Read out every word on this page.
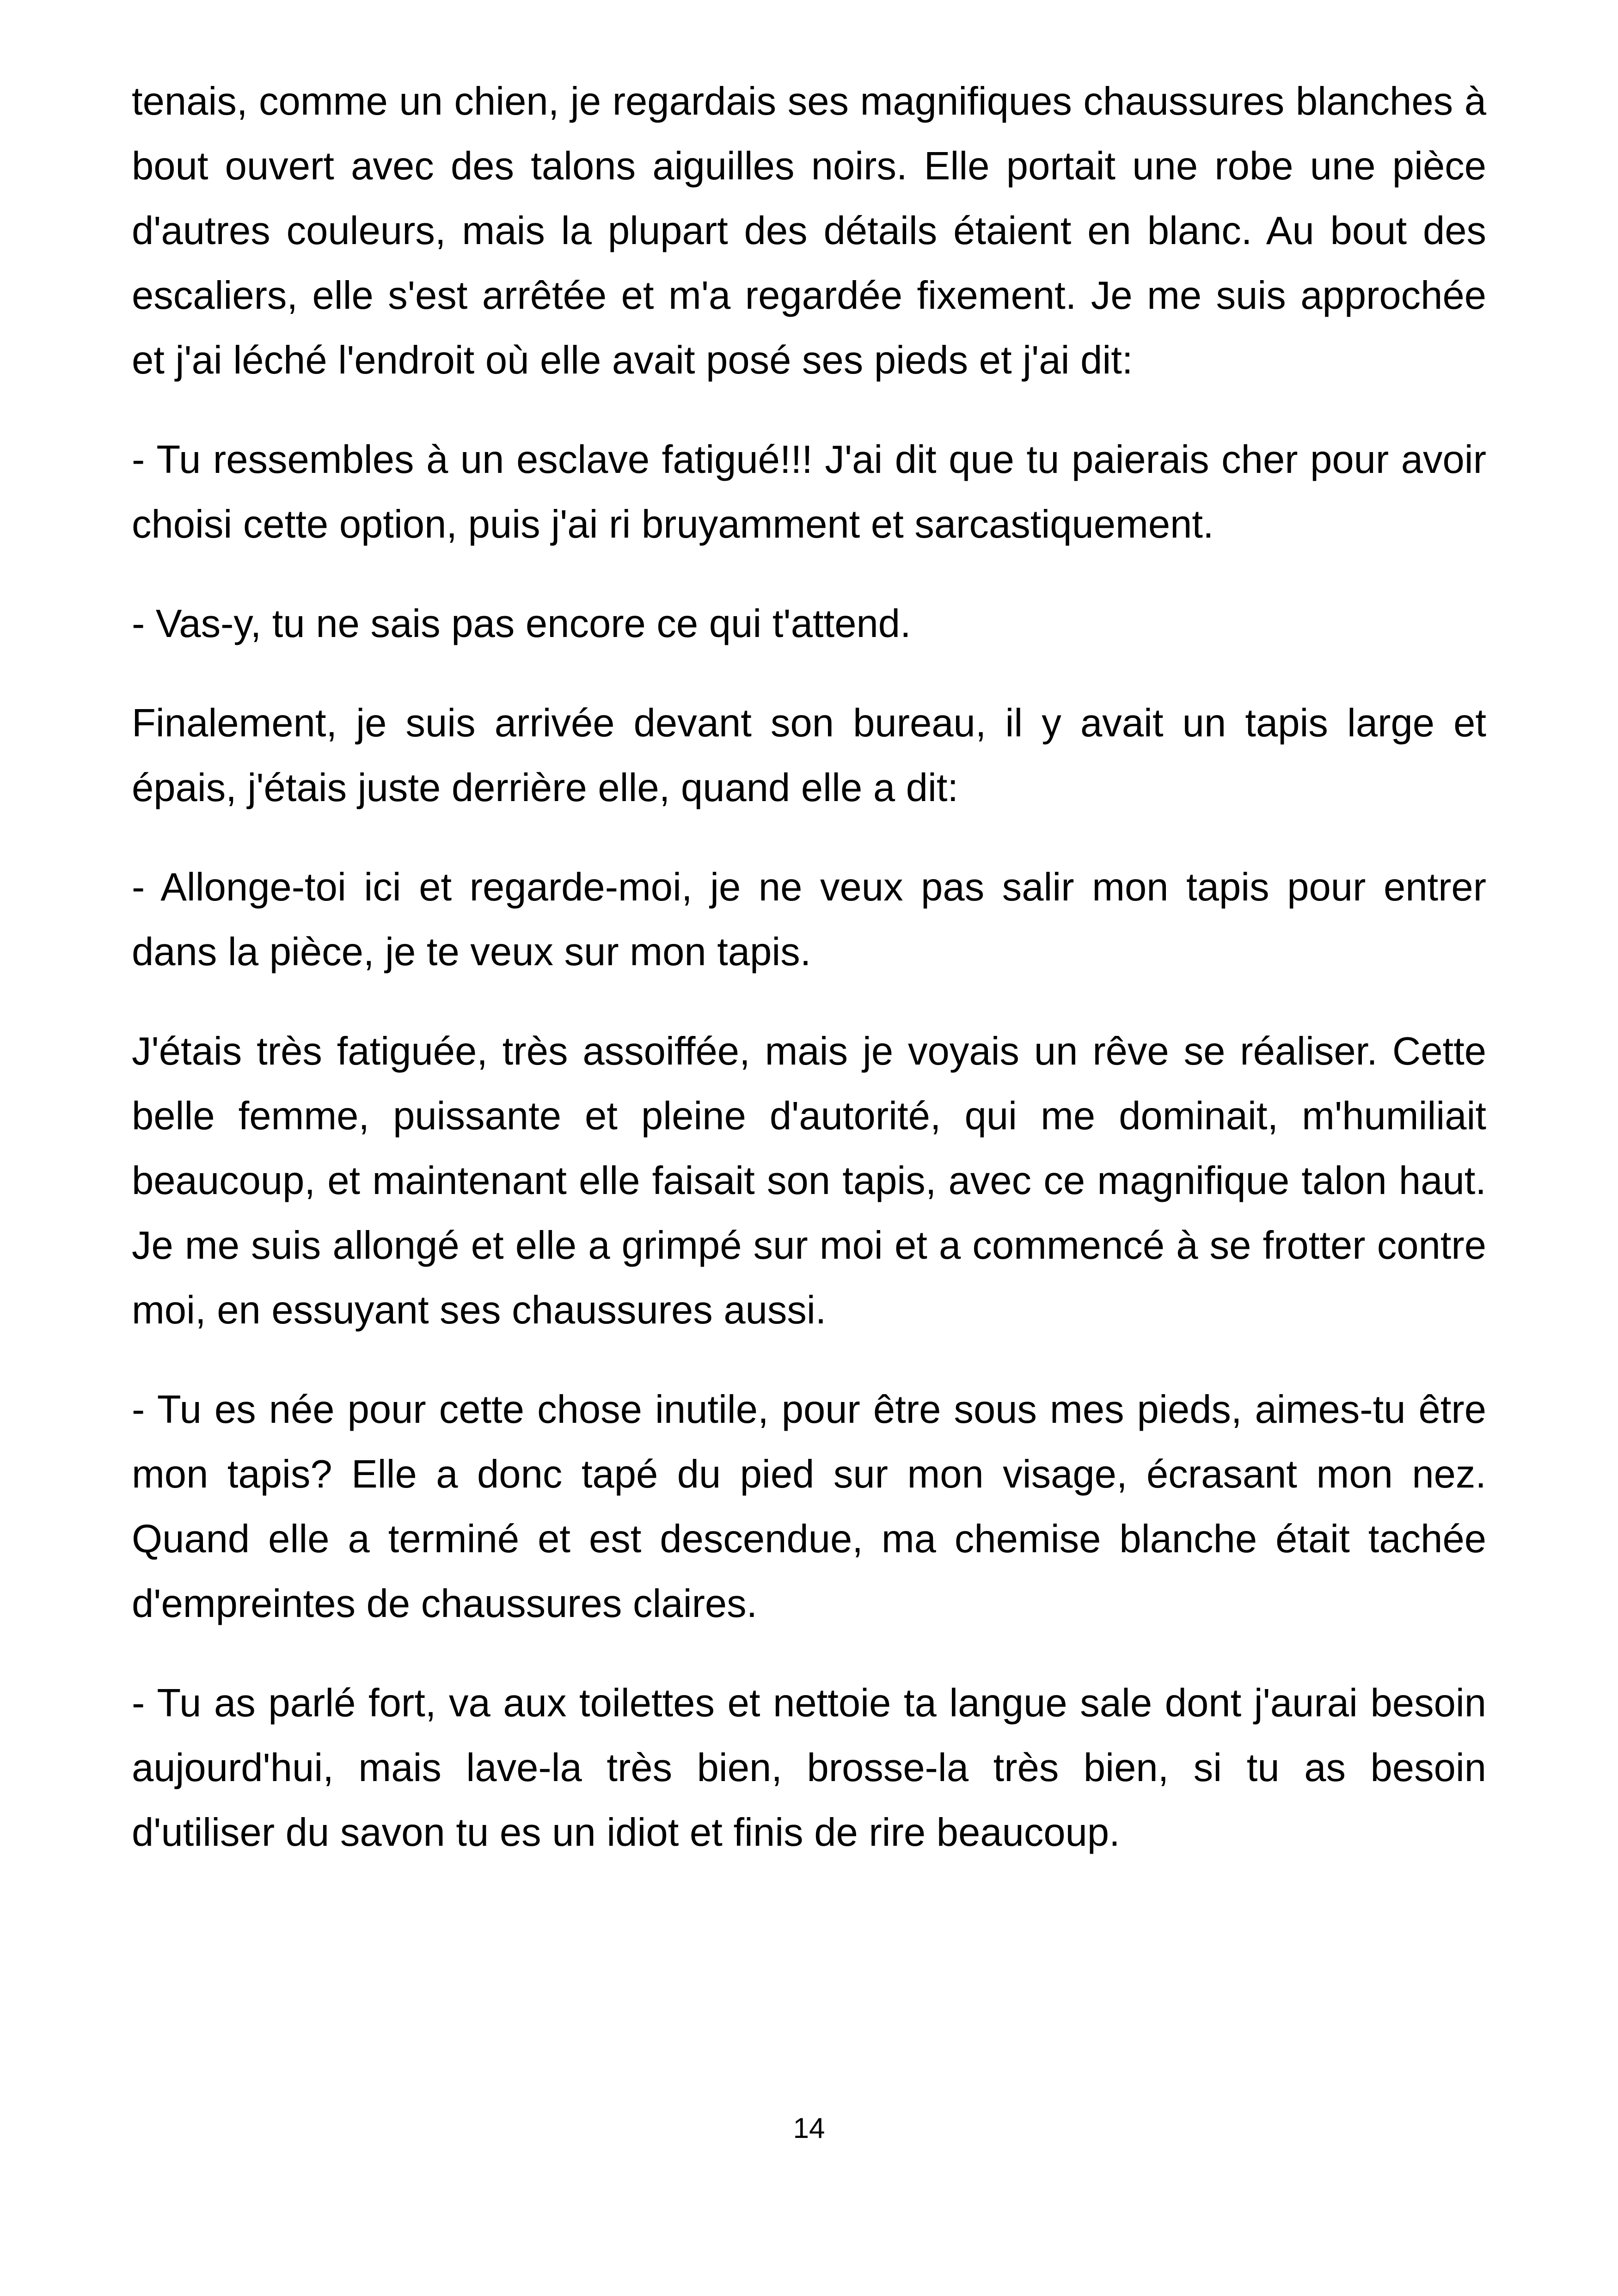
tenais, comme un chien, je regardais ses magnifiques chaussures blanches à bout ouvert avec des talons aiguilles noirs. Elle portait une robe une pièce d'autres couleurs, mais la plupart des détails étaient en blanc. Au bout des escaliers, elle s'est arrêtée et m'a regardée fixement. Je me suis approchée et j'ai léché l'endroit où elle avait posé ses pieds et j'ai dit:

- Tu ressembles à un esclave fatigué!!! J'ai dit que tu paierais cher pour avoir choisi cette option, puis j'ai ri bruyamment et sarcastiquement.

- Vas-y, tu ne sais pas encore ce qui t'attend.

Finalement, je suis arrivée devant son bureau, il y avait un tapis large et épais, j'étais juste derrière elle, quand elle a dit:

- Allonge-toi ici et regarde-moi, je ne veux pas salir mon tapis pour entrer dans la pièce, je te veux sur mon tapis.

J'étais très fatiguée, très assoiffée, mais je voyais un rêve se réaliser. Cette belle femme, puissante et pleine d'autorité, qui me dominait, m'humiliait beaucoup, et maintenant elle faisait son tapis, avec ce magnifique talon haut. Je me suis allongé et elle a grimpé sur moi et a commencé à se frotter contre moi, en essuyant ses chaussures aussi.

- Tu es née pour cette chose inutile, pour être sous mes pieds, aimes-tu être mon tapis? Elle a donc tapé du pied sur mon visage, écrasant mon nez. Quand elle a terminé et est descendue, ma chemise blanche était tachée d'empreintes de chaussures claires.

- Tu as parlé fort, va aux toilettes et nettoie ta langue sale dont j'aurai besoin aujourd'hui, mais lave-la très bien, brosse-la très bien, si tu as besoin d'utiliser du savon tu es un idiot et finis de rire beaucoup.

14
